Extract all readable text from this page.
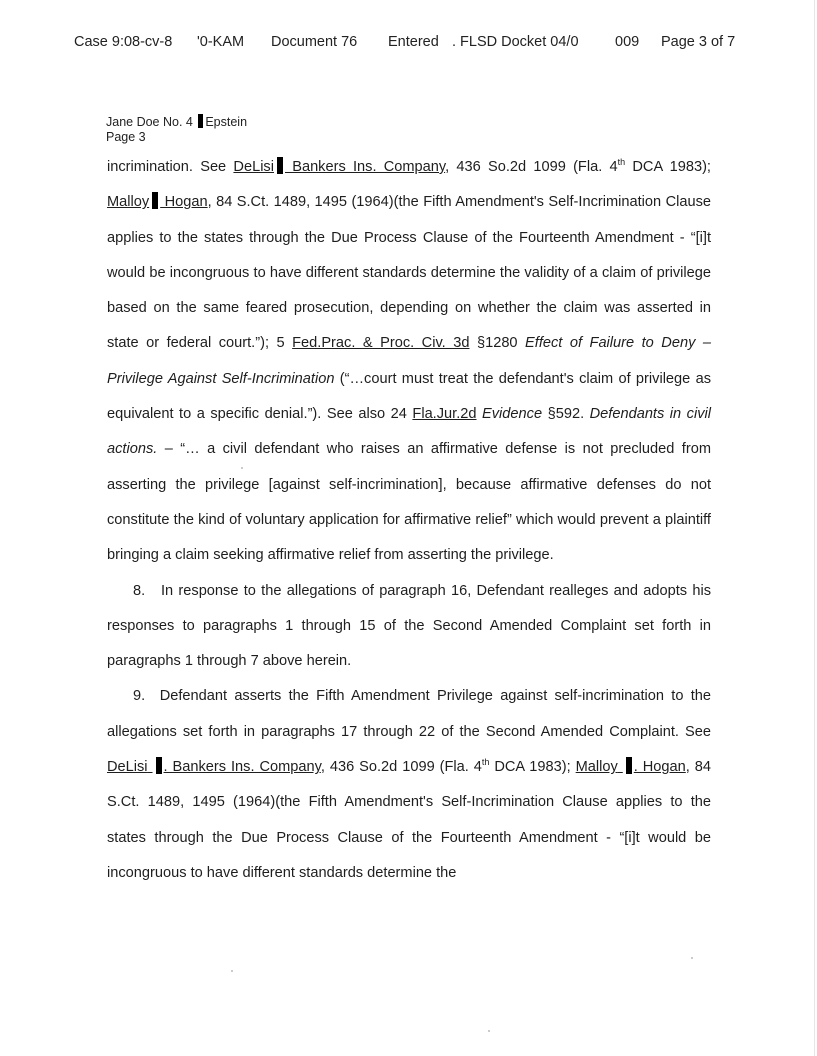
Case 9:08-cv-8 '0-KAM Document 76 Entered . FLSD Docket 04/0	009 Page 3 of 7
Jane Doe No. 4 Epstein
Page 3

incrimination. See DeLisi Bankers Ins. Company, 436 So.2d 1099 (Fla. 4th DCA 1983); Malloy Hogan, 84 S.Ct. 1489, 1495 (1964)(the Fifth Amendment's Self-Incrimination Clause applies to the states through the Due Process Clause of the Fourteenth Amendment - “[i]t would be incongruous to have different standards determine the validity of a claim of privilege based on the same feared prosecution, depending on whether the claim was asserted in state or federal court.”); 5 Fed.Prac. & Proc. Civ. 3d §1280 Effect of Failure to Deny – Privilege Against Self-Incrimination (“…court must treat the defendant's claim of privilege as equivalent to a specific denial.”). See also 24 Fla.Jur.2d Evidence §592. Defendants in civil actions. – “… a civil defendant who raises an affirmative defense is not precluded from asserting the privilege [against self-incrimination], because affirmative defenses do not constitute the kind of voluntary application for affirmative relief” which would prevent a plaintiff bringing a claim seeking affirmative relief from asserting the privilege.

8. In response to the allegations of paragraph 16, Defendant realleges and adopts his responses to paragraphs 1 through 15 of the Second Amended Complaint set forth in paragraphs 1 through 7 above herein.

9. Defendant asserts the Fifth Amendment Privilege against self-incrimination to the allegations set forth in paragraphs 17 through 22 of the Second Amended Complaint. See DeLisi . Bankers Ins. Company, 436 So.2d 1099 (Fla. 4th DCA 1983); Malloy . Hogan, 84 S.Ct. 1489, 1495 (1964)(the Fifth Amendment's Self-Incrimination Clause applies to the states through the Due Process Clause of the Fourteenth Amendment - “[i]t would be incongruous to have different standards determine the
